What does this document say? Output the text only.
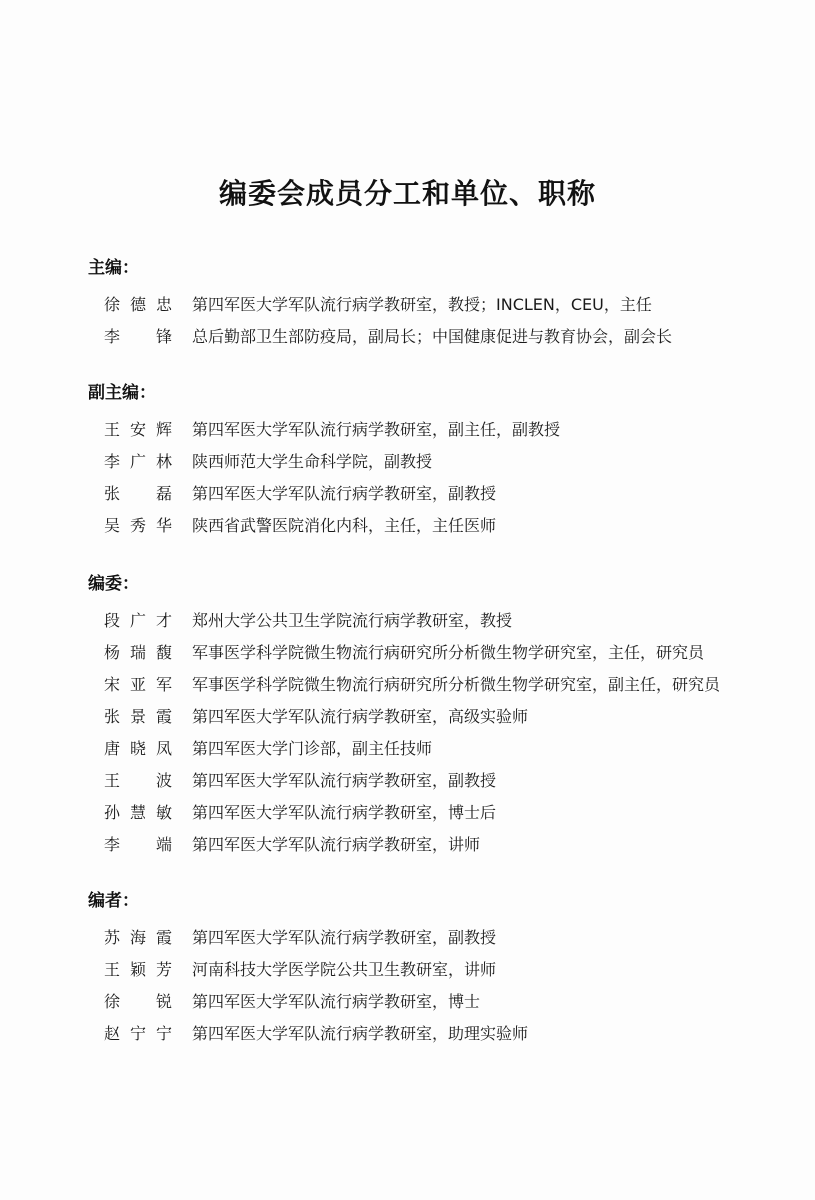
编委会成员分工和单位、职称
主编：
徐德忠 第四军医大学军队流行病学教研室，教授；INCLEN，CEU，主任
李锋 总后勤部卫生部防疫局，副局长；中国健康促进与教育协会，副会长
副主编：
王安辉 第四军医大学军队流行病学教研室，副主任，副教授
李广林 陕西师范大学生命科学院，副教授
张磊 第四军医大学军队流行病学教研室，副教授
吴秀华 陕西省武警医院消化内科，主任，主任医师
编委：
段广才 郑州大学公共卫生学院流行病学教研室，教授
杨瑞馥 军事医学科学院微生物流行病研究所分析微生物学研究室，主任，研究员
宋亚军 军事医学科学院微生物流行病研究所分析微生物学研究室，副主任，研究员
张景霞 第四军医大学军队流行病学教研室，高级实验师
唐晓凤 第四军医大学门诊部，副主任技师
王波 第四军医大学军队流行病学教研室，副教授
孙慧敏 第四军医大学军队流行病学教研室，博士后
李端 第四军医大学军队流行病学教研室，讲师
编者：
苏海霞 第四军医大学军队流行病学教研室，副教授
王颖芳 河南科技大学医学院公共卫生教研室，讲师
徐锐 第四军医大学军队流行病学教研室，博士
赵宁宁 第四军医大学军队流行病学教研室，助理实验师
